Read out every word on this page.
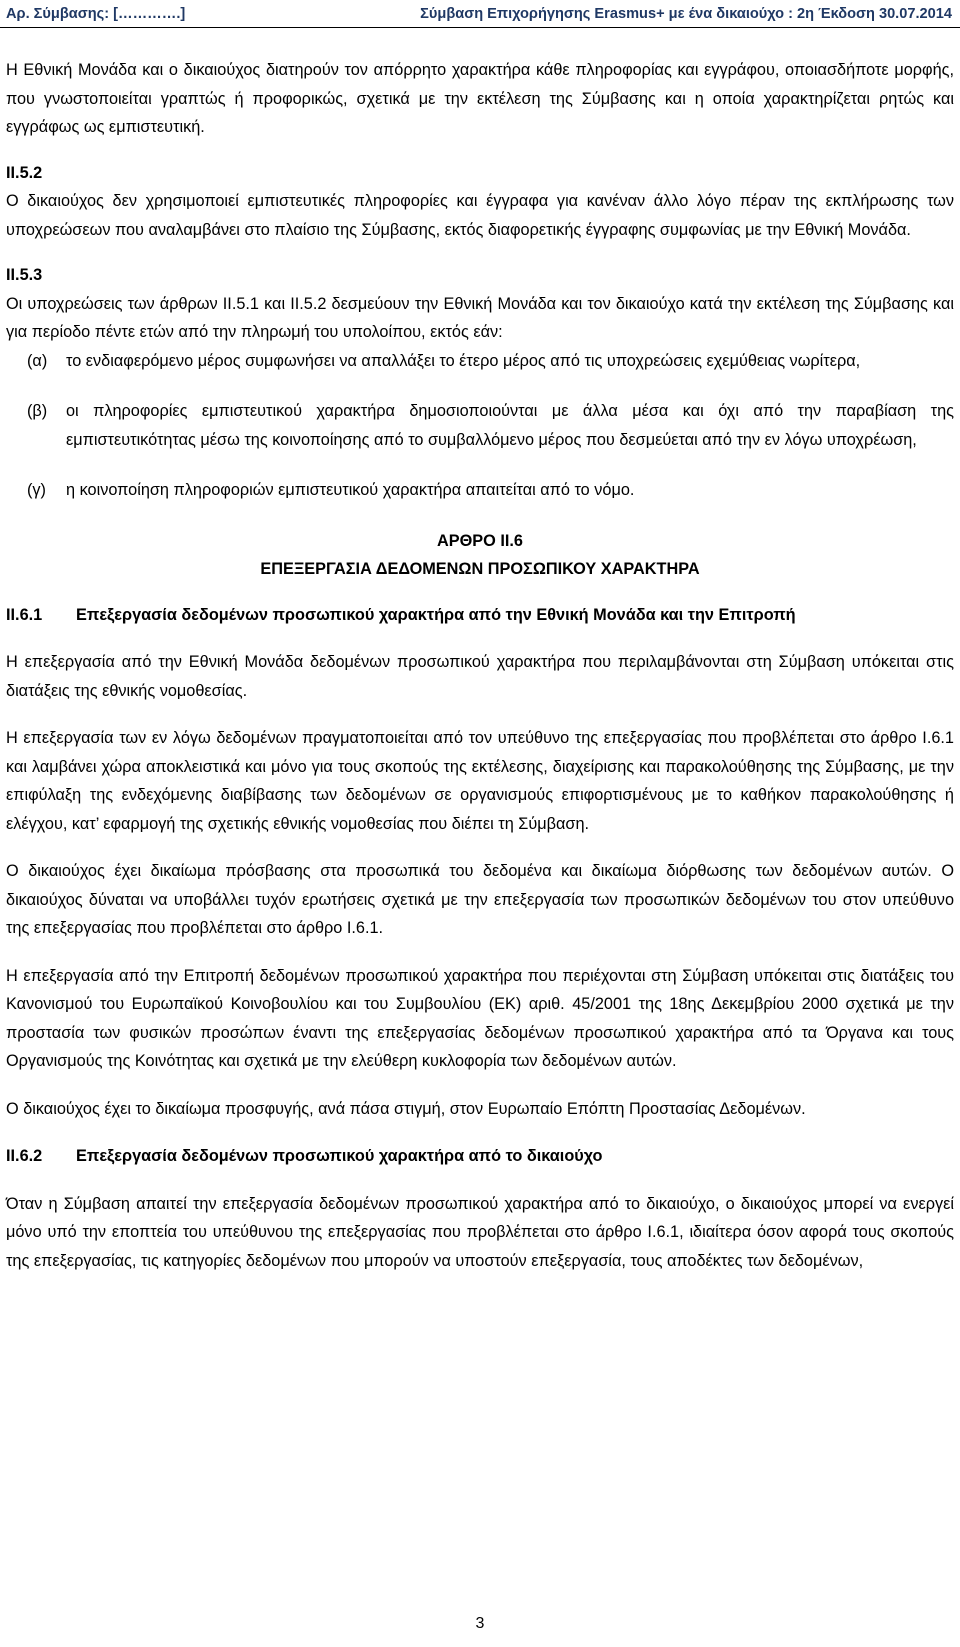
Αρ. Σύμβασης: [………….]	Σύμβαση Επιχορήγησης Erasmus+ με ένα δικαιούχο : 2η Έκδοση 30.07.2014

Η Εθνική Μονάδα και ο δικαιούχος διατηρούν τον απόρρητο χαρακτήρα κάθε πληροφορίας και εγγράφου, οποιασδήποτε μορφής, που γνωστοποιείται γραπτώς ή προφορικώς, σχετικά με την εκτέλεση της Σύμβασης και η οποία χαρακτηρίζεται ρητώς και εγγράφως ως εμπιστευτική.

II.5.2

Ο δικαιούχος δεν χρησιμοποιεί εμπιστευτικές πληροφορίες και έγγραφα για κανέναν άλλο λόγο πέραν της εκπλήρωσης των υποχρεώσεων που αναλαμβάνει στο πλαίσιο της Σύμβασης, εκτός διαφορετικής έγγραφης συμφωνίας με την Εθνική Μονάδα.

II.5.3

Οι υποχρεώσεις των άρθρων II.5.1 και II.5.2 δεσμεύουν την Εθνική Μονάδα και τον δικαιούχο κατά την εκτέλεση της Σύμβασης και για περίοδο πέντε ετών από την πληρωμή του υπολοίπου, εκτός εάν:

(α)	το ενδιαφερόμενο μέρος συμφωνήσει να απαλλάξει το έτερο μέρος από τις υποχρεώσεις εχεμύθειας νωρίτερα,
(β)	οι πληροφορίες εμπιστευτικού χαρακτήρα δημοσιοποιούνται με άλλα μέσα και όχι από την παραβίαση της εμπιστευτικότητας μέσω της κοινοποίησης από το συμβαλλόμενο μέρος που δεσμεύεται από την εν λόγω υποχρέωση,
(γ)	η κοινοποίηση πληροφοριών εμπιστευτικού χαρακτήρα απαιτείται από το νόμο.
ΑΡΘΡΟ II.6
ΕΠΕΞΕΡΓΑΣΙΑ ΔΕΔΟΜΕΝΩΝ ΠΡΟΣΩΠΙΚΟΥ ΧΑΡΑΚΤΗΡΑ
II.6.1	Επεξεργασία δεδομένων προσωπικού χαρακτήρα από την Εθνική Μονάδα και την Επιτροπή

Η επεξεργασία από την Εθνική Μονάδα δεδομένων προσωπικού χαρακτήρα που περιλαμβάνονται στη Σύμβαση υπόκειται στις διατάξεις της εθνικής νομοθεσίας.

Η επεξεργασία των εν λόγω δεδομένων πραγματοποιείται από τον υπεύθυνο της επεξεργασίας που προβλέπεται στο άρθρο I.6.1 και λαμβάνει χώρα αποκλειστικά και μόνο για τους σκοπούς της εκτέλεσης, διαχείρισης και παρακολούθησης της Σύμβασης, με την επιφύλαξη της ενδεχόμενης διαβίβασης των δεδομένων σε οργανισμούς επιφορτισμένους με το καθήκον παρακολούθησης ή ελέγχου, κατ’ εφαρμογή της σχετικής εθνικής νομοθεσίας που διέπει τη Σύμβαση.

Ο δικαιούχος έχει δικαίωμα πρόσβασης στα προσωπικά του δεδομένα και δικαίωμα διόρθωσης των δεδομένων αυτών. Ο δικαιούχος δύναται να υποβάλλει τυχόν ερωτήσεις σχετικά με την επεξεργασία των προσωπικών δεδομένων του στον υπεύθυνο της επεξεργασίας που προβλέπεται στο άρθρο I.6.1.

Η επεξεργασία από την Επιτροπή δεδομένων προσωπικού χαρακτήρα που περιέχονται στη Σύμβαση υπόκειται στις διατάξεις του Κανονισμού του Ευρωπαϊκού Κοινοβουλίου και του Συμβουλίου (ΕΚ) αριθ. 45/2001 της 18ης Δεκεμβρίου 2000 σχετικά με την προστασία των φυσικών προσώπων έναντι της επεξεργασίας δεδομένων προσωπικού χαρακτήρα από τα Όργανα και τους Οργανισμούς της Κοινότητας και σχετικά με την ελεύθερη κυκλοφορία των δεδομένων αυτών.

Ο δικαιούχος έχει το δικαίωμα προσφυγής, ανά πάσα στιγμή, στον Ευρωπαίο Επόπτη Προστασίας Δεδομένων.

II.6.2	Επεξεργασία δεδομένων προσωπικού χαρακτήρα από το δικαιούχο

Όταν η Σύμβαση απαιτεί την επεξεργασία δεδομένων προσωπικού χαρακτήρα από το δικαιούχο, ο δικαιούχος μπορεί να ενεργεί μόνο υπό την εποπτεία του υπεύθυνου της επεξεργασίας που προβλέπεται στο άρθρο I.6.1, ιδιαίτερα όσον αφορά τους σκοπούς της επεξεργασίας, τις κατηγορίες δεδομένων που μπορούν να υποστούν επεξεργασία, τους αποδέκτες των δεδομένων,

3
